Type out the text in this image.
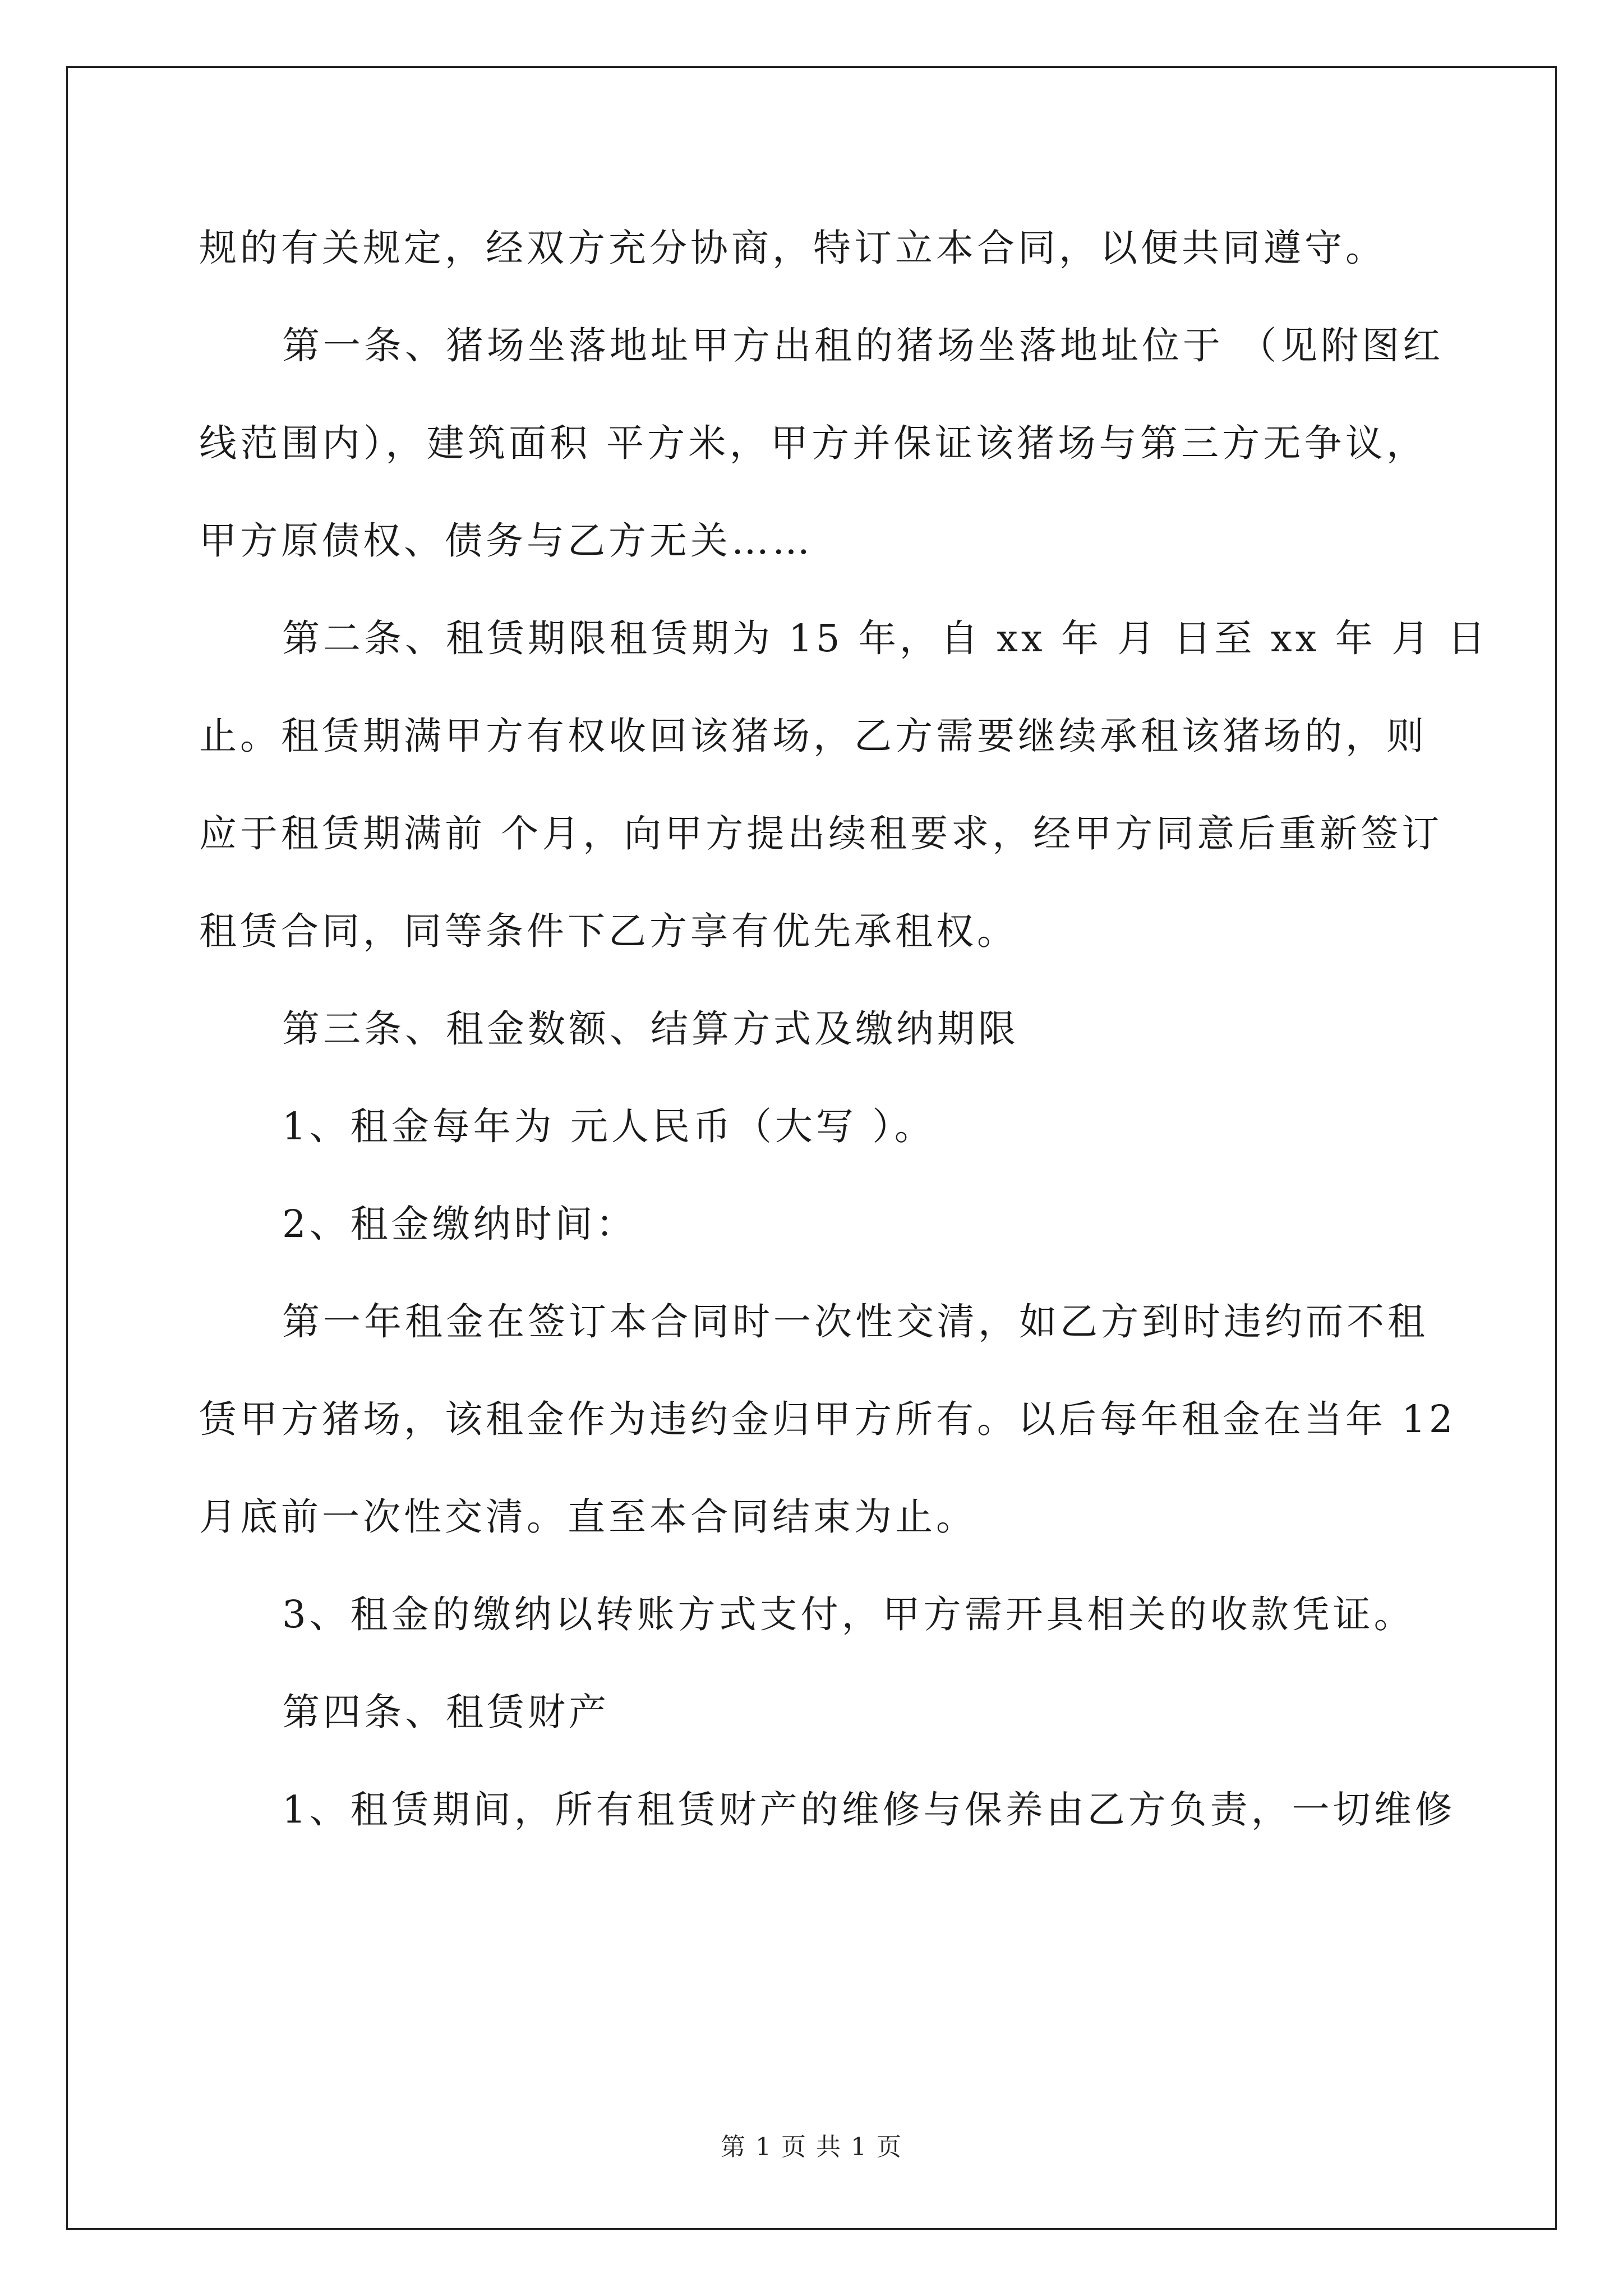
规的有关规定，经双方充分协商，特订立本合同，以便共同遵守。

第一条、猪场坐落地址甲方出租的猪场坐落地址位于 （见附图红

线范围内），建筑面积 平方米，甲方并保证该猪场与第三方无争议，

甲方原债权、债务与乙方无关……

第二条、租赁期限租赁期为 15 年，自 xx 年 月 日至 xx 年 月 日

止。租赁期满甲方有权收回该猪场，乙方需要继续承租该猪场的，则

应于租赁期满前 个月，向甲方提出续租要求，经甲方同意后重新签订

租赁合同，同等条件下乙方享有优先承租权。

第三条、租金数额、结算方式及缴纳期限

1、租金每年为 元人民币（大写 ）。

2、租金缴纳时间：

第一年租金在签订本合同时一次性交清，如乙方到时违约而不租

赁甲方猪场，该租金作为违约金归甲方所有。以后每年租金在当年 12

月底前一次性交清。直至本合同结束为止。

3、租金的缴纳以转账方式支付，甲方需开具相关的收款凭证。

第四条、租赁财产

1、租赁期间，所有租赁财产的维修与保养由乙方负责，一切维修

第 1 页 共 1 页
